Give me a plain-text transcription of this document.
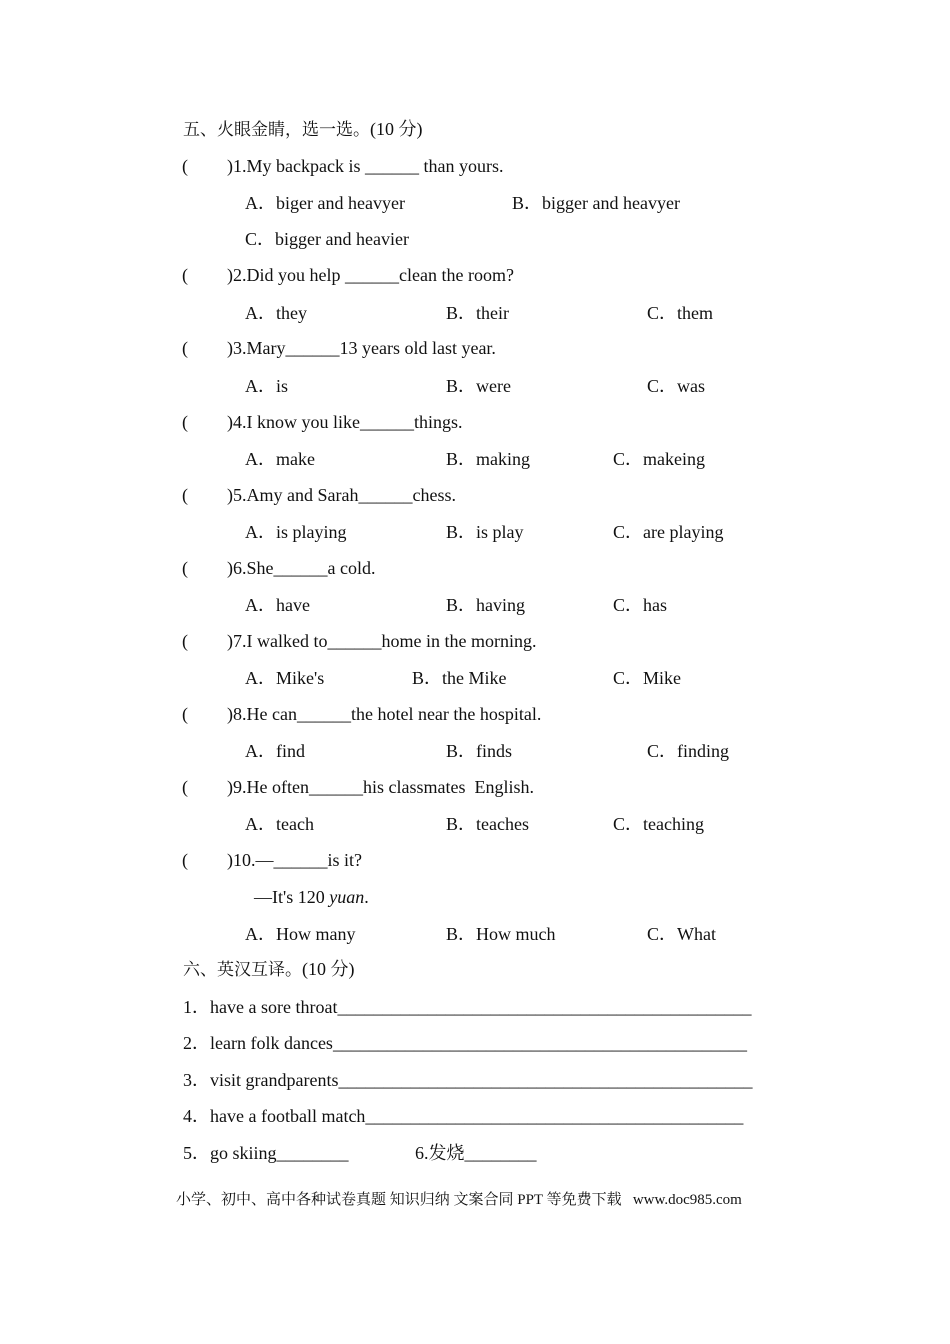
五、火眼金睛，选一选。(10 分)
( )1.My backpack is ______ than yours.
A．biger and heavyer	B．bigger and heavyer
C．bigger and heavier
( )2.Did you help ______clean the room?
A．they	B．their	C．them
( )3.Mary______13 years old last year.
A．is	B．were	C．was
( )4.I know you like______things.
A．make	B．making	C．makeing
( )5.Amy and Sarah______chess.
A．is playing	B．is play	C．are playing
( )6.She______a cold.
A．have	B．having	C．has
( )7.I walked to______home in the morning.
A．Mike's	B．the Mike	C．Mike
( )8.He can______the hotel near the hospital.
A．find	B．finds	C．finding
( )9.He often______his classmates  English.
A．teach	B．teaches	C．teaching
( )10.—______is it?
—It's 120 yuan.
A．How many	B．How much	C．What
六、英汉互译。(10 分)
1．have a sore throat______________________________________________
2．learn folk dances______________________________________________
3．visit grandparents______________________________________________
4．have a football match__________________________________________
5．go skiing________	6.发烧________
小学、初中、高中各种试卷真题 知识归纳 文案合同 PPT 等免费下载   www.doc985.com
